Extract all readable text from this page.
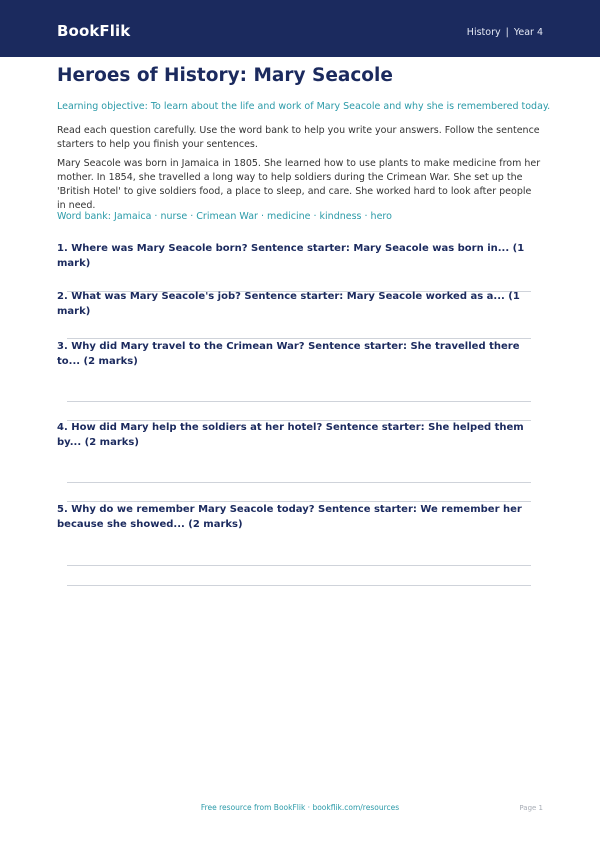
BookFlik	History | Year 4
Heroes of History: Mary Seacole
Learning objective: To learn about the life and work of Mary Seacole and why she is remembered today.

Read each question carefully. Use the word bank to help you write your answers. Follow the sentence starters to help you finish your sentences.

Mary Seacole was born in Jamaica in 1805. She learned how to use plants to make medicine from her mother. In 1854, she travelled a long way to help soldiers during the Crimean War. She set up the 'British Hotel' to give soldiers food, a place to sleep, and care. She worked hard to look after people in need.

Word bank: Jamaica · nurse · Crimean War · medicine · kindness · hero

1. Where was Mary Seacole born? Sentence starter: Mary Seacole was born in... (1 mark)

2. What was Mary Seacole's job? Sentence starter: Mary Seacole worked as a... (1 mark)

3. Why did Mary travel to the Crimean War? Sentence starter: She travelled there to... (2 marks)

4. How did Mary help the soldiers at her hotel? Sentence starter: She helped them by... (2 marks)

5. Why do we remember Mary Seacole today? Sentence starter: We remember her because she showed... (2 marks)

Free resource from BookFlik · bookflik.com/resources	Page 1
